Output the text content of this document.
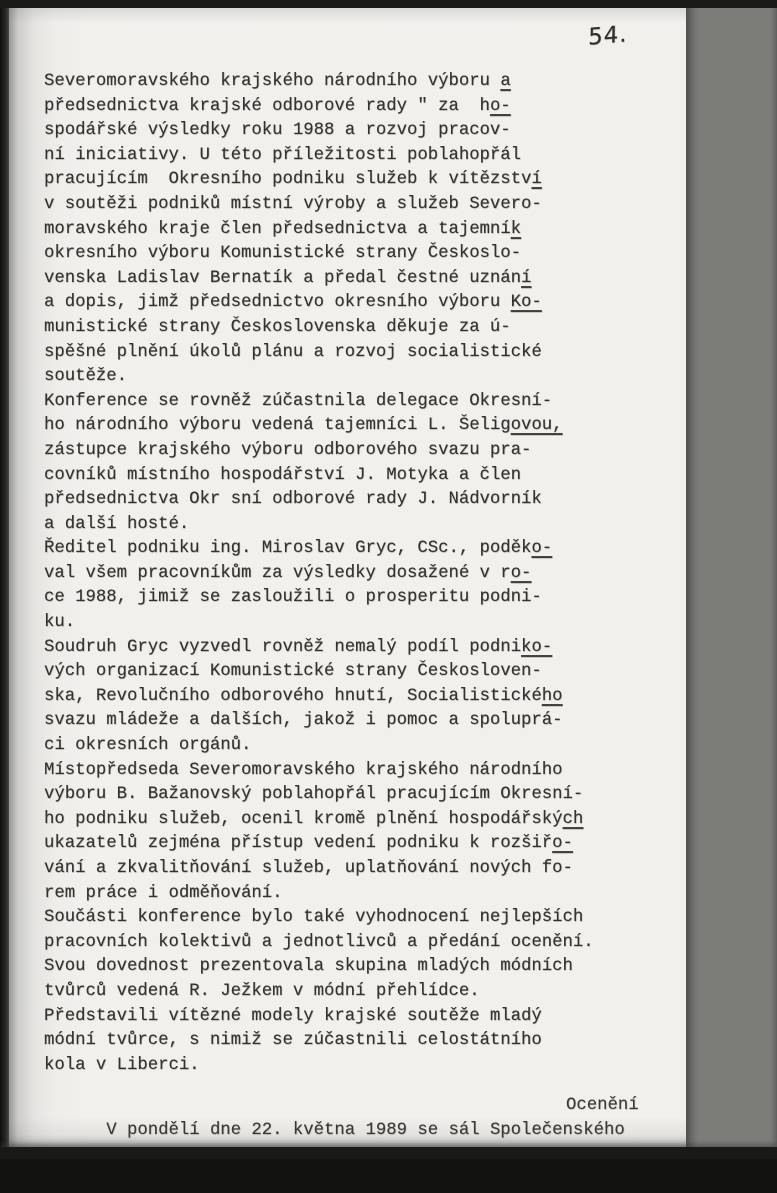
54.
Severomoravského krajského národního výboru a
předsednictva krajské odborové rady " za  ho-
spodářské výsledky roku 1988 a rozvoj pracov-
ní iniciativy. U této příležitosti poblahopřál
pracujícím  Okresního podniku služeb k vítězství
v soutěži podniků místní výroby a služeb Severo-
moravského kraje člen předsednictva a tajemník
okresního výboru Komunistické strany Českoslo-
venska Ladislav Bernatík a předal čestné uznání
a dopis, jimž předsednictvo okresního výboru Ko-
munistické strany Československa děkuje za ú-
spěšné plnění úkolů plánu a rozvoj socialistické
soutěže.
Konference se rovněž zúčastnila delegace Okresní-
ho národního výboru vedená tajemníci L. Šeligovou,
zástupce krajského výboru odborového svazu pra-
covníků místního hospodářství J. Motyka a člen
předsednictva Okr sní odborové rady J. Nádvorník
a další hosté.
Ředitel podniku ing. Miroslav Gryc, CSc., poděko-
val všem pracovníkům za výsledky dosažené v ro-
ce 1988, jimiž se zasloužili o prosperitu podni-
ku.
Soudruh Gryc vyzvedl rovněž nemalý podíl podniko-
vých organizací Komunistické strany Českosloven-
ska, Revolučního odborového hnutí, Socialistického
svazu mládeže a dalších, jakož i pomoc a spoluprá-
ci okresních orgánů.
Místopředseda Severomoravského krajského národního
výboru B. Bažanovský poblahopřál pracujícím Okresní-
ho podniku služeb, ocenil kromě plnění hospodářských
ukazatelů zejména přístup vedení podniku k rozšiřo-
vání a zkvalitňování služeb, uplatňování nových fo-
rem práce i odměňování.
Součásti konference bylo také vyhodnocení nejlepších
pracovních kolektivů a jednotlivců a předání ocenění.
Svou dovednost prezentovala skupina mladých módních
tvůrců vedená R. Ježkem v módní přehlídce.
Představili vítězné modely krajské soutěže mladý
módní tvůrce, s nimiž se zúčastnili celostátního
kola v Liberci.

V pondělí dne 22. května 1989 se sál Společenského

Ocenění
